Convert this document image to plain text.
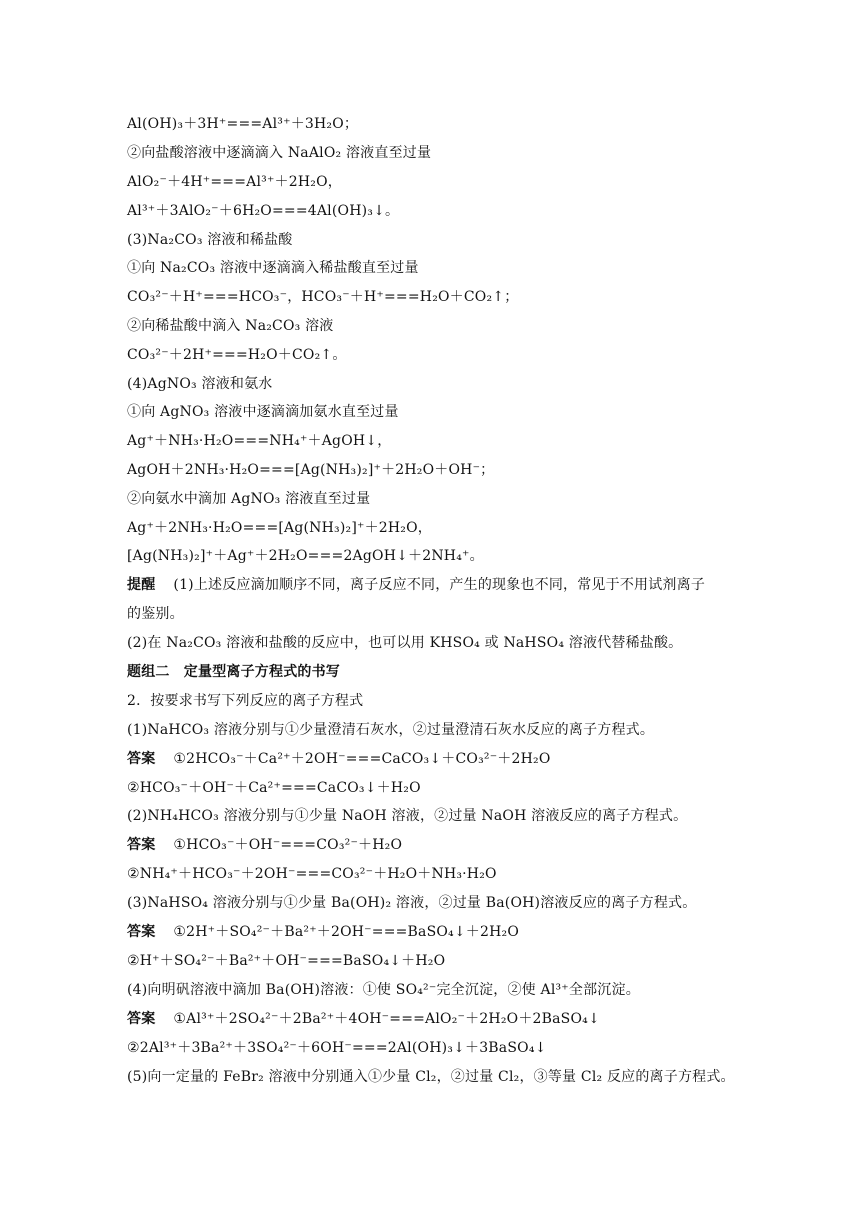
Al(OH)₃＋3H⁺===Al³⁺＋3H₂O；
②向盐酸溶液中逐滴滴入 NaAlO₂ 溶液直至过量
AlO₂⁻＋4H⁺===Al³⁺＋2H₂O，
Al³⁺＋3AlO₂⁻＋6H₂O===4Al(OH)₃↓。
(3)Na₂CO₃ 溶液和稀盐酸
①向 Na₂CO₃ 溶液中逐滴滴入稀盐酸直至过量
CO₃²⁻＋H⁺===HCO₃⁻，HCO₃⁻＋H⁺===H₂O＋CO₂↑；
②向稀盐酸中滴入 Na₂CO₃ 溶液
CO₃²⁻＋2H⁺===H₂O＋CO₂↑。
(4)AgNO₃ 溶液和氨水
①向 AgNO₃ 溶液中逐滴滴加氨水直至过量
Ag⁺＋NH₃·H₂O===NH₄⁺＋AgOH↓，
AgOH＋2NH₃·H₂O===[Ag(NH₃)₂]⁺＋2H₂O＋OH⁻；
②向氨水中滴加 AgNO₃ 溶液直至过量
Ag⁺＋2NH₃·H₂O===[Ag(NH₃)₂]⁺＋2H₂O，
[Ag(NH₃)₂]⁺＋Ag⁺＋2H₂O===2AgOH↓＋2NH₄⁺。
提醒 (1)上述反应滴加顺序不同，离子反应不同，产生的现象也不同，常见于不用试剂离子
的鉴别。
(2)在 Na₂CO₃ 溶液和盐酸的反应中，也可以用 KHSO₄ 或 NaHSO₄ 溶液代替稀盐酸。
题组二　定量型离子方程式的书写
2．按要求书写下列反应的离子方程式
(1)NaHCO₃ 溶液分别与①少量澄清石灰水，②过量澄清石灰水反应的离子方程式。
答案 ①2HCO₃⁻＋Ca²⁺＋2OH⁻===CaCO₃↓＋CO₃²⁻＋2H₂O
②HCO₃⁻＋OH⁻＋Ca²⁺===CaCO₃↓＋H₂O
(2)NH₄HCO₃ 溶液分别与①少量 NaOH 溶液，②过量 NaOH 溶液反应的离子方程式。
答案 ①HCO₃⁻＋OH⁻===CO₃²⁻＋H₂O
②NH₄⁺＋HCO₃⁻＋2OH⁻===CO₃²⁻＋H₂O＋NH₃·H₂O
(3)NaHSO₄ 溶液分别与①少量 Ba(OH)₂ 溶液，②过量 Ba(OH)溶液反应的离子方程式。
答案 ①2H⁺＋SO₄²⁻＋Ba²⁺＋2OH⁻===BaSO₄↓＋2H₂O
②H⁺＋SO₄²⁻＋Ba²⁺＋OH⁻===BaSO₄↓＋H₂O
(4)向明矾溶液中滴加 Ba(OH)溶液：①使 SO₄²⁻完全沉淀，②使 Al³⁺全部沉淀。
答案 ①Al³⁺＋2SO₄²⁻＋2Ba²⁺＋4OH⁻===AlO₂⁻＋2H₂O＋2BaSO₄↓
②2Al³⁺＋3Ba²⁺＋3SO₄²⁻＋6OH⁻===2Al(OH)₃↓＋3BaSO₄↓
(5)向一定量的 FeBr₂ 溶液中分别通入①少量 Cl₂，②过量 Cl₂，③等量 Cl₂ 反应的离子方程式。
